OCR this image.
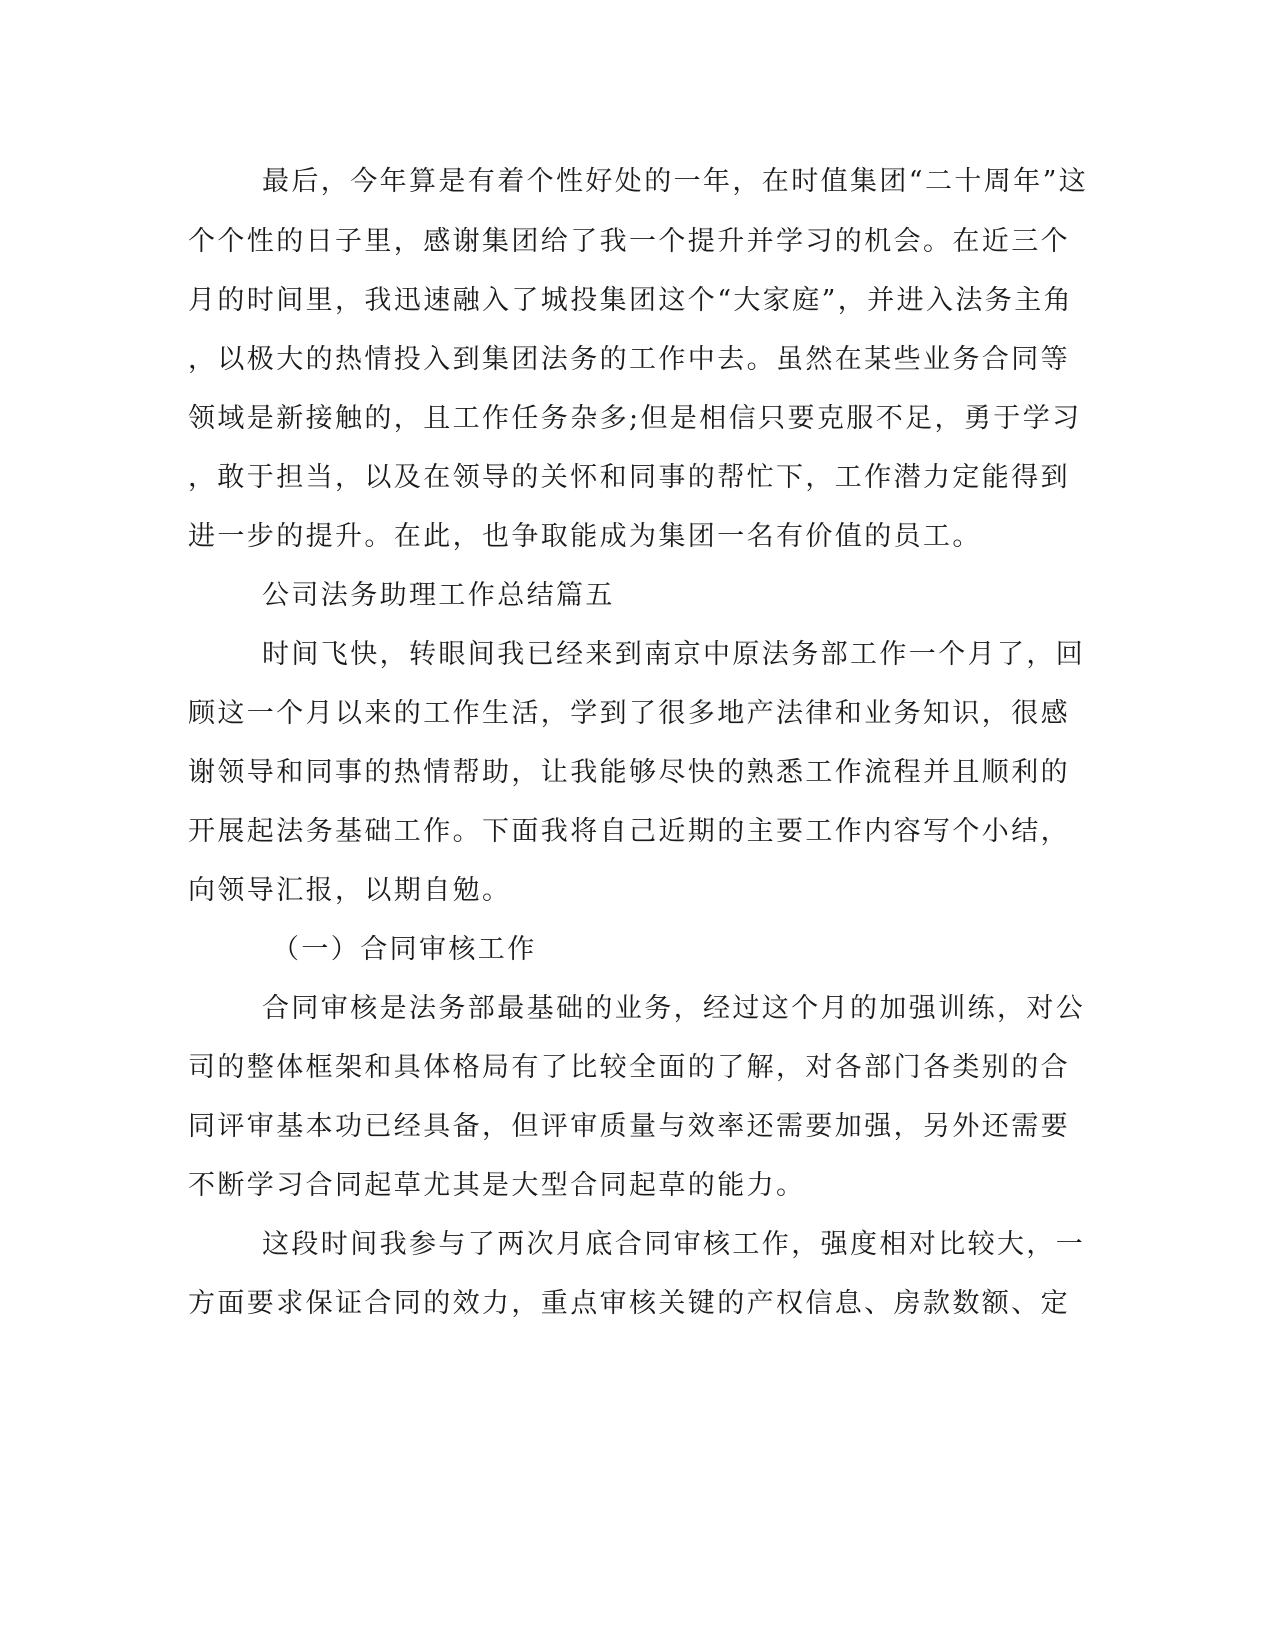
最后，今年算是有着个性好处的一年，在时值集团“二十周年”这
个个性的日子里，感谢集团给了我一个提升并学习的机会。在近三个
月的时间里，我迅速融入了城投集团这个“大家庭”，并进入法务主角
，以极大的热情投入到集团法务的工作中去。虽然在某些业务合同等
领域是新接触的，且工作任务杂多;但是相信只要克服不足，勇于学习
，敢于担当，以及在领导的关怀和同事的帮忙下，工作潜力定能得到
进一步的提升。在此，也争取能成为集团一名有价值的员工。
公司法务助理工作总结篇五
时间飞快，转眼间我已经来到南京中原法务部工作一个月了，回
顾这一个月以来的工作生活，学到了很多地产法律和业务知识，很感
谢领导和同事的热情帮助，让我能够尽快的熟悉工作流程并且顺利的
开展起法务基础工作。下面我将自己近期的主要工作内容写个小结，
向领导汇报，以期自勉。
（一）合同审核工作
合同审核是法务部最基础的业务，经过这个月的加强训练，对公
司的整体框架和具体格局有了比较全面的了解，对各部门各类别的合
同评审基本功已经具备，但评审质量与效率还需要加强，另外还需要
不断学习合同起草尤其是大型合同起草的能力。
这段时间我参与了两次月底合同审核工作，强度相对比较大，一
方面要求保证合同的效力，重点审核关键的产权信息、房款数额、定
